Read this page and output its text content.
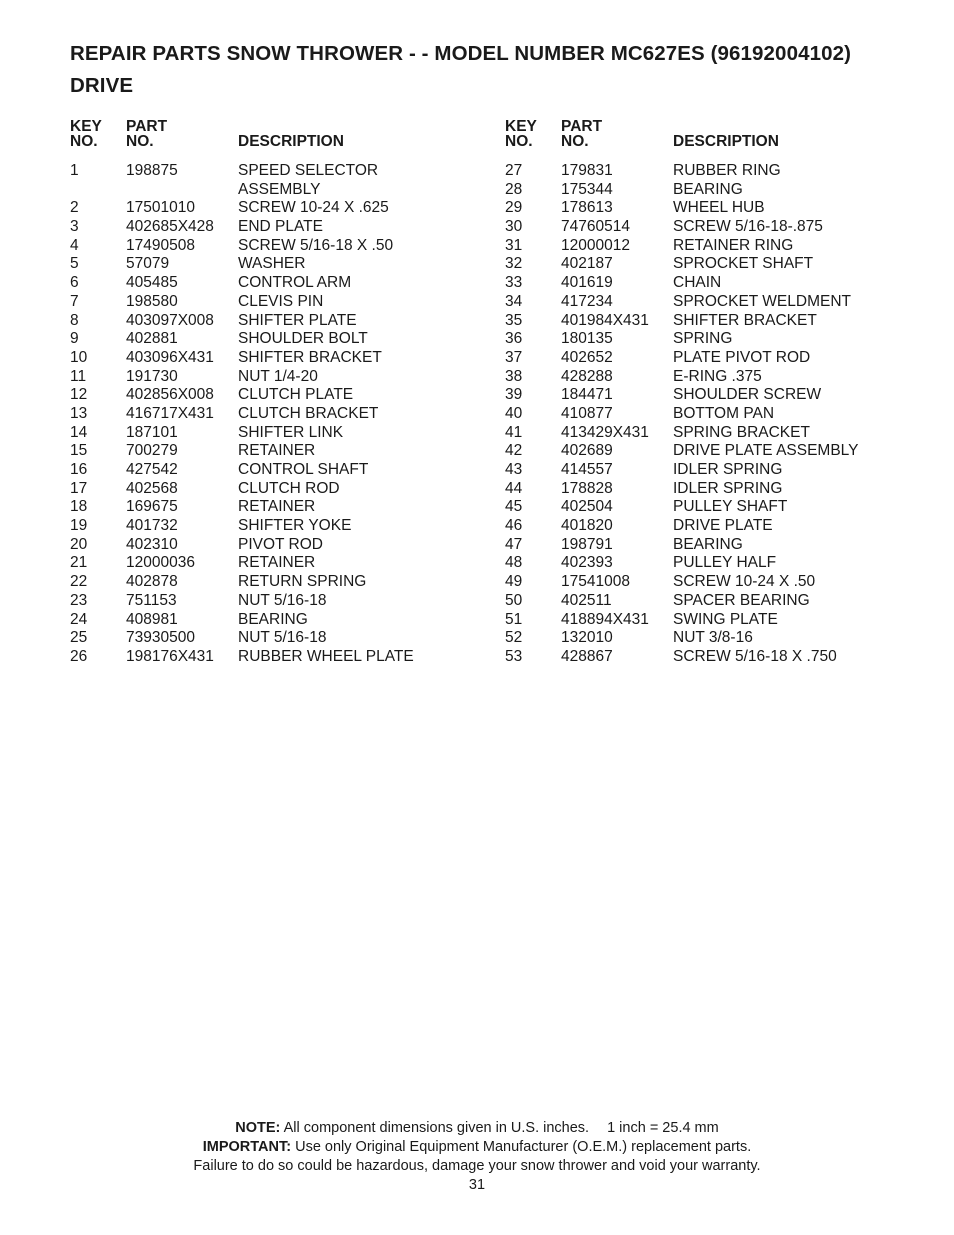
REPAIR PARTS SNOW THROWER - - MODEL NUMBER MC627ES (96192004102)
DRIVE
KEY
NO.
PART
NO.	DESCRIPTION
1	198875	SPEED SELECTOR ASSEMBLY
2	17501010	SCREW 10-24 X .625
3	402685X428 END PLATE
4	17490508	SCREW 5/16-18 X .50
5	57079	WASHER
6	405485	CONTROL ARM
7	198580	CLEVIS PIN
8	403097X008 SHIFTER PLATE
9	402881	SHOULDER BOLT
10	403096X431 SHIFTER BRACKET
11	191730	NUT 1/4-20
12	402856X008 CLUTCH PLATE
13	416717X431 CLUTCH BRACKET
14	187101	SHIFTER LINK
15	700279	RETAINER
16	427542	CONTROL SHAFT
17	402568	CLUTCH ROD
18	169675	RETAINER
19	401732	SHIFTER YOKE
20	402310	PIVOT ROD
21	12000036	RETAINER
22	402878	RETURN SPRING
23	751153	NUT 5/16-18
24	408981	BEARING
25	73930500	NUT 5/16-18
26	198176X431 RUBBER WHEEL PLATE
KEY
NO.
PART
NO.	DESCRIPTION
27	179831	RUBBER RING
28	175344	BEARING
29	178613	WHEEL HUB
30	74760514	SCREW 5/16-18-.875
31	12000012	RETAINER RING
32	402187	SPROCKET SHAFT
33	401619	CHAIN
34	417234	SPROCKET WELDMENT
35	401984X431 SHIFTER BRACKET
36	180135	SPRING
37	402652	PLATE PIVOT ROD
38	428288	E-RING .375
39	184471	SHOULDER SCREW
40	410877	BOTTOM PAN
41	413429X431 SPRING BRACKET
42	402689	DRIVE PLATE ASSEMBLY
43	414557	IDLER SPRING
44	178828	IDLER SPRING
45	402504	PULLEY SHAFT
46	401820	DRIVE PLATE
47	198791	BEARING
48	402393	PULLEY HALF
49	17541008	SCREW 10-24 X .50
50	402511	SPACER BEARING
51	418894X431 SWING PLATE
52	132010	NUT 3/8-16
53	428867	SCREW 5/16-18 X .750
NOTE: All component dimensions given in U.S. inches. 1 inch = 25.4 mm
IMPORTANT: Use only Original Equipment Manufacturer (O.E.M.) replacement parts.
Failure to do so could be hazardous, damage your snow thrower and void your warranty.
31
